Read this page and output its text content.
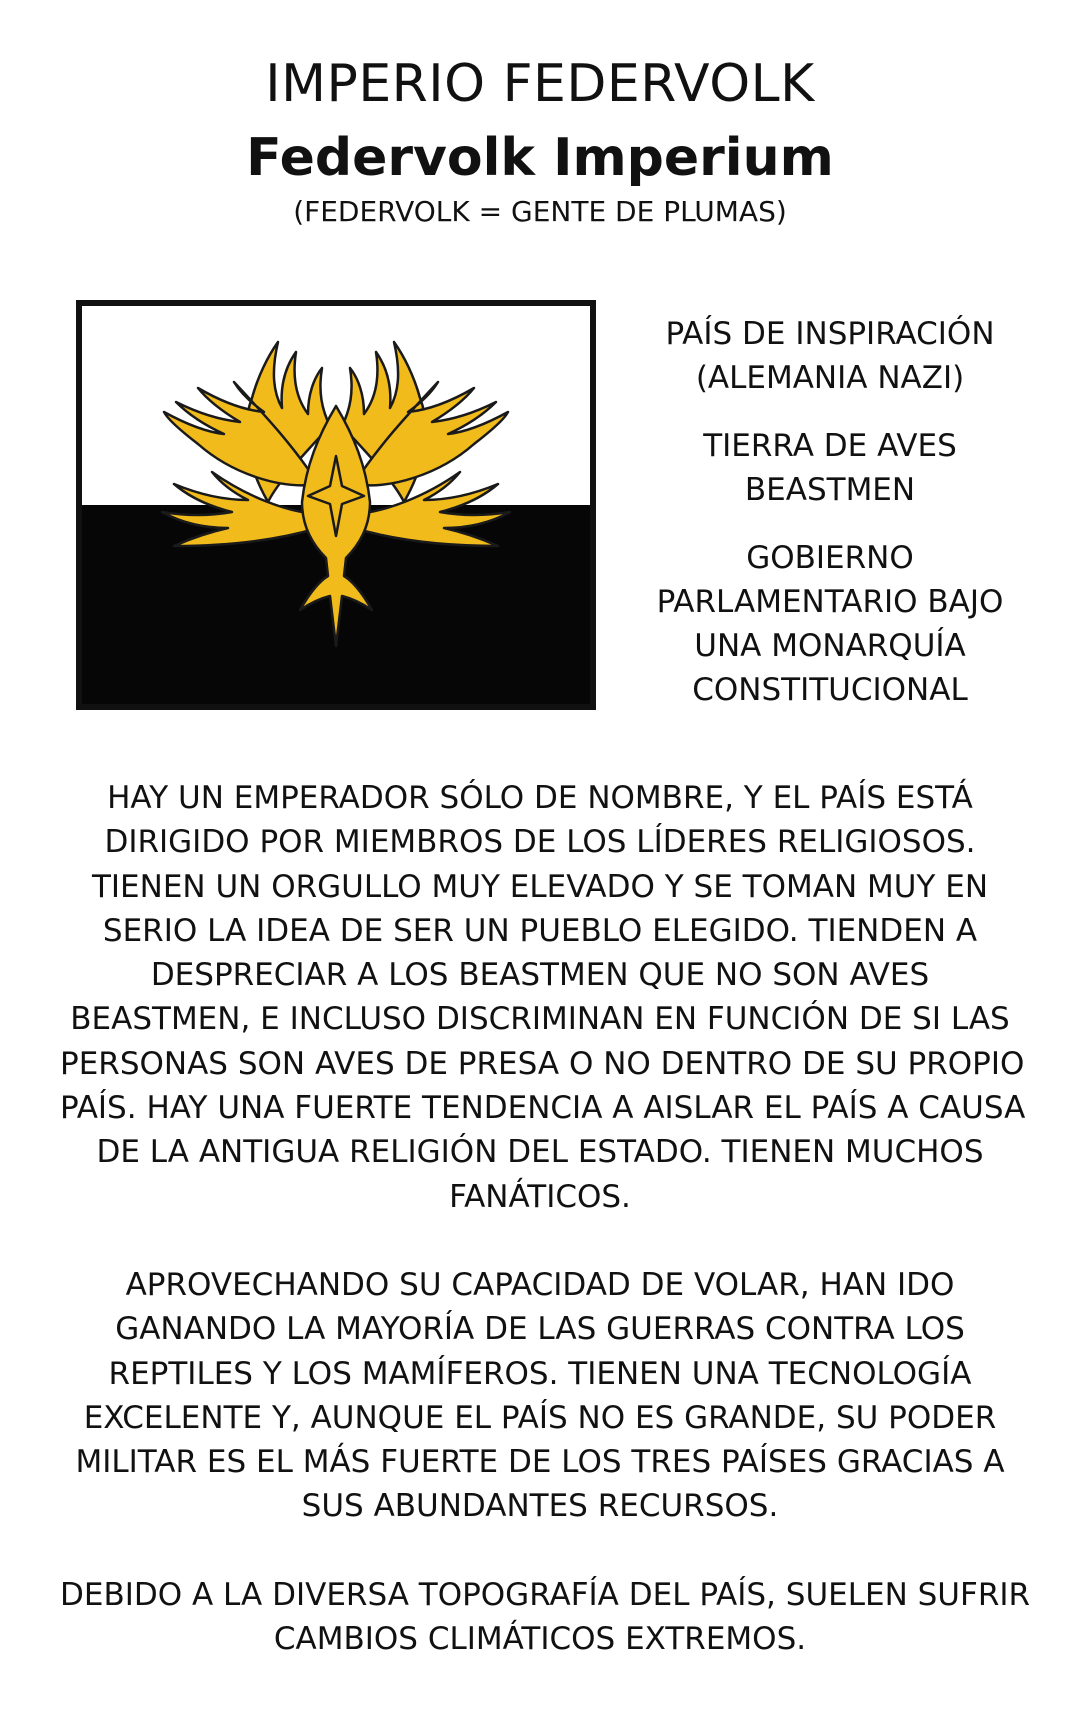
IMPERIO FEDERVOLK
Federvolk Imperium
(FEDERVOLK = GENTE DE PLUMAS)

PAÍS DE INSPIRACIÓN
(ALEMANIA NAZI)

TIERRA DE AVES
BEASTMEN

GOBIERNO
PARLAMENTARIO BAJO
UNA MONARQUÍA
CONSTITUCIONAL

HAY UN EMPERADOR SÓLO DE NOMBRE, Y EL PAÍS ESTÁ
DIRIGIDO POR MIEMBROS DE LOS LÍDERES RELIGIOSOS.
TIENEN UN ORGULLO MUY ELEVADO Y SE TOMAN MUY EN
SERIO LA IDEA DE SER UN PUEBLO ELEGIDO. TIENDEN A
DESPRECIAR A LOS BEASTMEN QUE NO SON AVES
BEASTMEN, E INCLUSO DISCRIMINAN EN FUNCIÓN DE SI LAS
PERSONAS SON AVES DE PRESA O NO DENTRO DE SU PROPIO
PAÍS. HAY UNA FUERTE TENDENCIA A AISLAR EL PAÍS A CAUSA
DE LA ANTIGUA RELIGIÓN DEL ESTADO. TIENEN MUCHOS
FANÁTICOS.

APROVECHANDO SU CAPACIDAD DE VOLAR, HAN IDO
GANANDO LA MAYORÍA DE LAS GUERRAS CONTRA LOS
REPTILES Y LOS MAMÍFEROS. TIENEN UNA TECNOLOGÍA
EXCELENTE Y, AUNQUE EL PAÍS NO ES GRANDE, SU PODER
MILITAR ES EL MÁS FUERTE DE LOS TRES PAÍSES GRACIAS A
SUS ABUNDANTES RECURSOS.

DEBIDO A LA DIVERSA TOPOGRAFÍA DEL PAÍS, SUELEN SUFRIR
CAMBIOS CLIMÁTICOS EXTREMOS.
